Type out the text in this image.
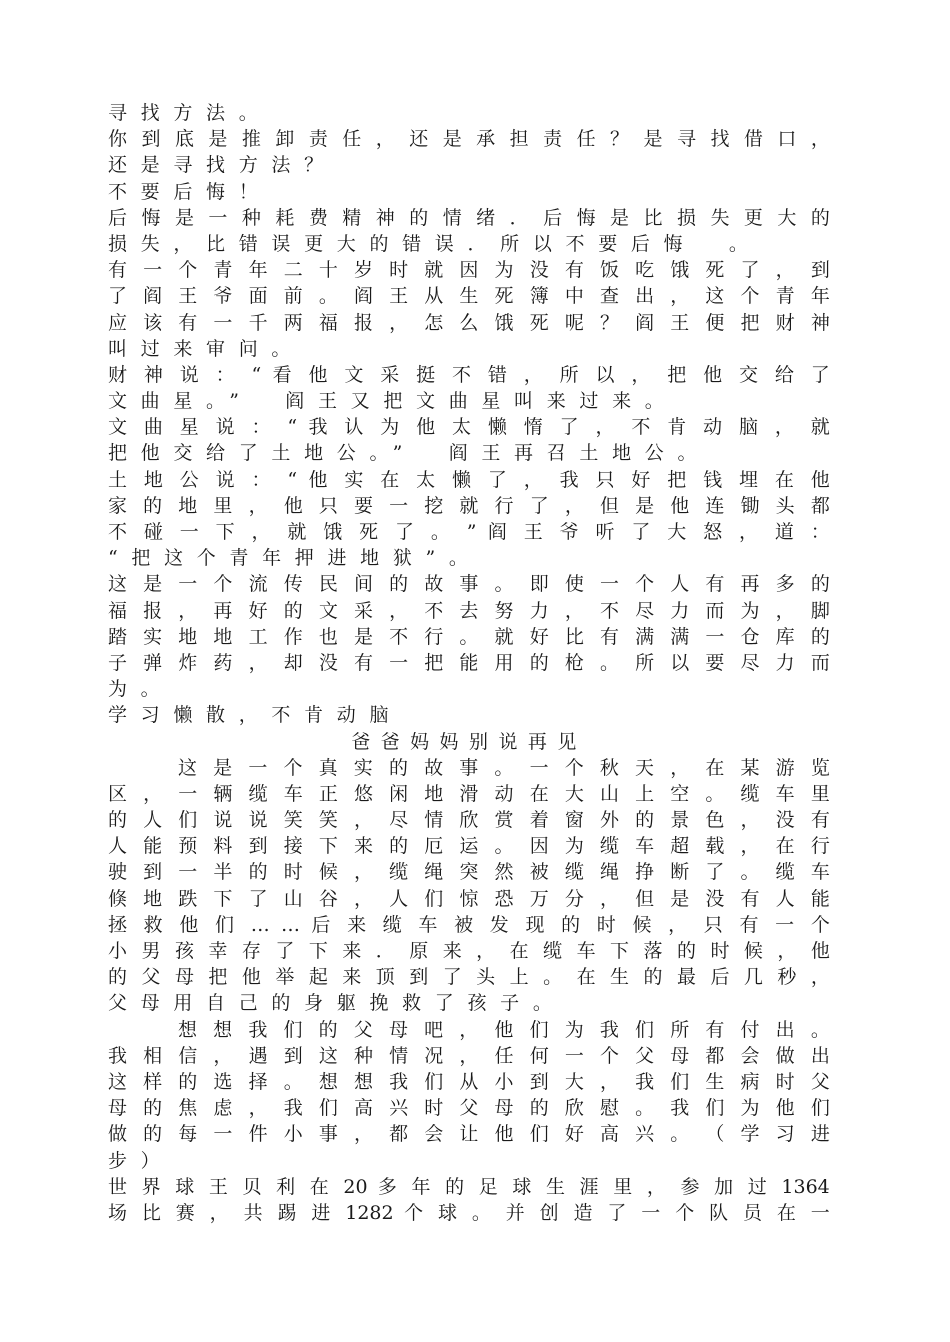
寻找方法。
你 到 底 是 推 卸 责 任 ， 还 是 承 担 责 任 ？ 是 寻 找 借 口 ，
还是寻找方法？
不要后悔！
后 悔 是 一 种 耗 费 精 神 的 情 绪 ． 后 悔 是 比 损 失 更 大 的
损失，比错误更大的错误．所以不要后悔　。
有 一 个 青 年 二 十 岁 时 就 因 为 没 有 饭 吃 饿 死 了 ， 到
了 阎 王 爷 面 前 。 阎 王 从 生 死 簿 中 查 出 ， 这 个 青 年
应 该 有 一 千 两 福 报 ， 怎 么 饿 死 呢 ？ 阎 王 便 把 财 神
叫过来审问。
财 神 说 ： “ 看 他 文 采 挺 不 错 ， 所 以 ， 把 他 交 给 了
文曲星。”　阎王又把文曲星叫来过来。
文 曲 星 说 ： “ 我 认 为 他 太 懒 惰 了 ， 不 肯 动 脑 ， 就
把他交给了土地公。”　阎王再召土地公。
土 地 公 说 ： “ 他 实 在 太 懒 了 ， 我 只 好 把 钱 埋 在 他
家 的 地 里 ， 他 只 要 一 挖 就 行 了 ， 但 是 他 连 锄 头 都
不 碰 一 下 ， 就 饿 死 了 。 ” 阎 王 爷 听 了 大 怒 ， 道 ：
“把这个青年押进地狱”。
这 是 一 个 流 传 民 间 的 故 事 。 即 使 一 个 人 有 再 多 的
福 报 ， 再 好 的 文 采 ， 不 去 努 力 ， 不 尽 力 而 为 ， 脚
踏 实 地 地 工 作 也 是 不 行 。 就 好 比 有 满 满 一 仓 库 的
子 弹 炸 药 ， 却 没 有 一 把 能 用 的 枪 。 所 以 要 尽 力 而
为。
学习懒散，不肯动脑
爸爸妈妈别说再见
这 是 一 个 真 实 的 故 事 。 一 个 秋 天 ， 在 某 游 览
区 ， 一 辆 缆 车 正 悠 闲 地 滑 动 在 大 山 上 空 。 缆 车 里
的 人 们 说 说 笑 笑 ， 尽 情 欣 赏 着 窗 外 的 景 色 ， 没 有
人 能 预 料 到 接 下 来 的 厄 运 。 因 为 缆 车 超 载 ， 在 行
驶 到 一 半 的 时 候 ， 缆 绳 突 然 被 缆 绳 挣 断 了 。 缆 车
倏 地 跌 下 了 山 谷 ， 人 们 惊 恐 万 分 ， 但 是 没 有 人 能
拯 救 他 们 … … 后 来 缆 车 被 发 现 的 时 候 ， 只 有 一 个
小 男 孩 幸 存 了 下 来 ． 原 来 ， 在 缆 车 下 落 的 时 候 ， 他
的 父 母 把 他 举 起 来 顶 到 了 头 上 。 在 生 的 最 后 几 秒 ，
父母用自己的身躯挽救了孩子。
想 想 我 们 的 父 母 吧 ， 他 们 为 我 们 所 有 付 出 。
我 相 信 ， 遇 到 这 种 情 况 ， 任 何 一 个 父 母 都 会 做 出
这 样 的 选 择 。 想 想 我 们 从 小 到 大 ， 我 们 生 病 时 父
母 的 焦 虑 ， 我 们 高 兴 时 父 母 的 欣 慰 。 我 们 为 他 们
做 的 每 一 件 小 事 ， 都 会 让 他 们 好 高 兴 。 （ 学 习 进
步）
世 界 球 王 贝 利 在 20 多 年 的 足 球 生 涯 里 ， 参 加 过 1364
场 比 赛 ， 共 踢 进 1282 个 球 。 并 创 造 了 一 个 队 员 在 一
